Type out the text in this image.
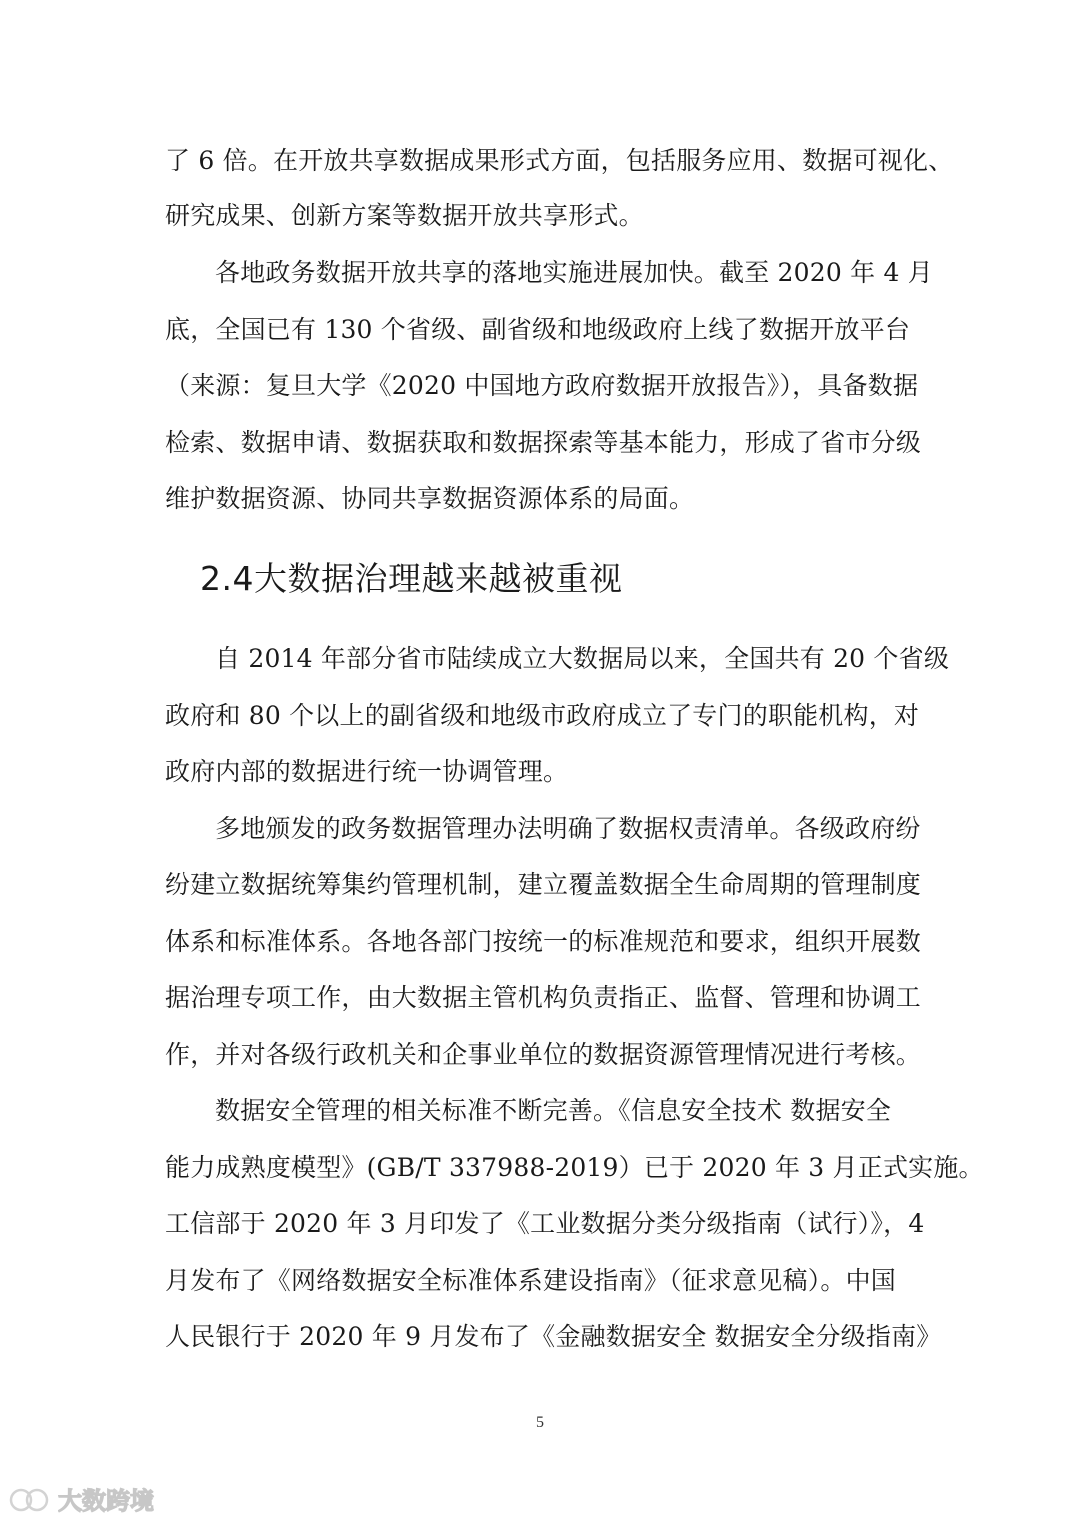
了 6 倍。在开放共享数据成果形式方面，包括服务应用、数据可视化、
研究成果、创新方案等数据开放共享形式。
各地政务数据开放共享的落地实施进展加快。截至 2020 年 4 月
底，全国已有 130 个省级、副省级和地级政府上线了数据开放平台
（来源：复旦大学《2020 中国地方政府数据开放报告》），具备数据
检索、数据申请、数据获取和数据探索等基本能力，形成了省市分级
维护数据资源、协同共享数据资源体系的局面。
2.4大数据治理越来越被重视
自 2014 年部分省市陆续成立大数据局以来，全国共有 20 个省级
政府和 80 个以上的副省级和地级市政府成立了专门的职能机构，对
政府内部的数据进行统一协调管理。
多地颁发的政务数据管理办法明确了数据权责清单。各级政府纷
纷建立数据统筹集约管理机制，建立覆盖数据全生命周期的管理制度
体系和标准体系。各地各部门按统一的标准规范和要求，组织开展数
据治理专项工作，由大数据主管机构负责指正、监督、管理和协调工
作，并对各级行政机关和企事业单位的数据资源管理情况进行考核。
数据安全管理的相关标准不断完善。《信息安全技术 数据安全
能力成熟度模型》(GB/T 337988-2019）已于 2020 年 3 月正式实施。
工信部于 2020 年 3 月印发了《工业数据分类分级指南（试行）》，4
月发布了《网络数据安全标准体系建设指南》（征求意见稿）。中国
人民银行于 2020 年 9 月发布了《金融数据安全 数据安全分级指南》
5
大数跨境
